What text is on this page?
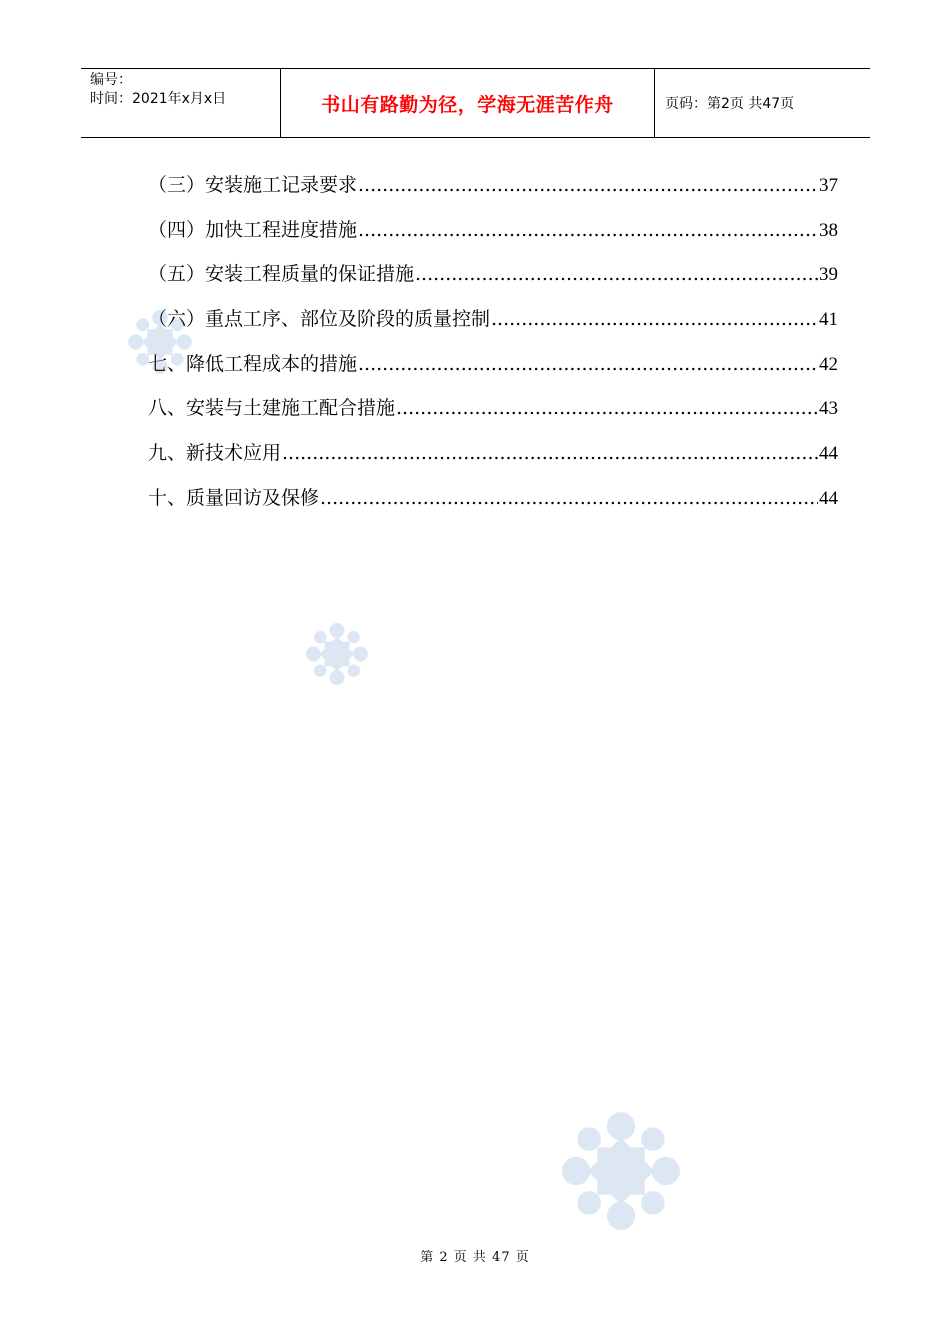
编号：
时间：2021年x月x日	书山有路勤为径，学海无涯苦作舟	页码：第2页 共47页
（三）安装施工记录要求 .....	37
（四）加快工程进度措施 .....	38
（五）安装工程质量的保证措施 .....	39
（六）重点工序、部位及阶段的质量控制 .....	41
七、降低工程成本的措施 .....	42
八、安装与土建施工配合措施 .....	43
九、新技术应用 .....	44
十、质量回访及保修 .....	44
第 2 页 共 47 页
